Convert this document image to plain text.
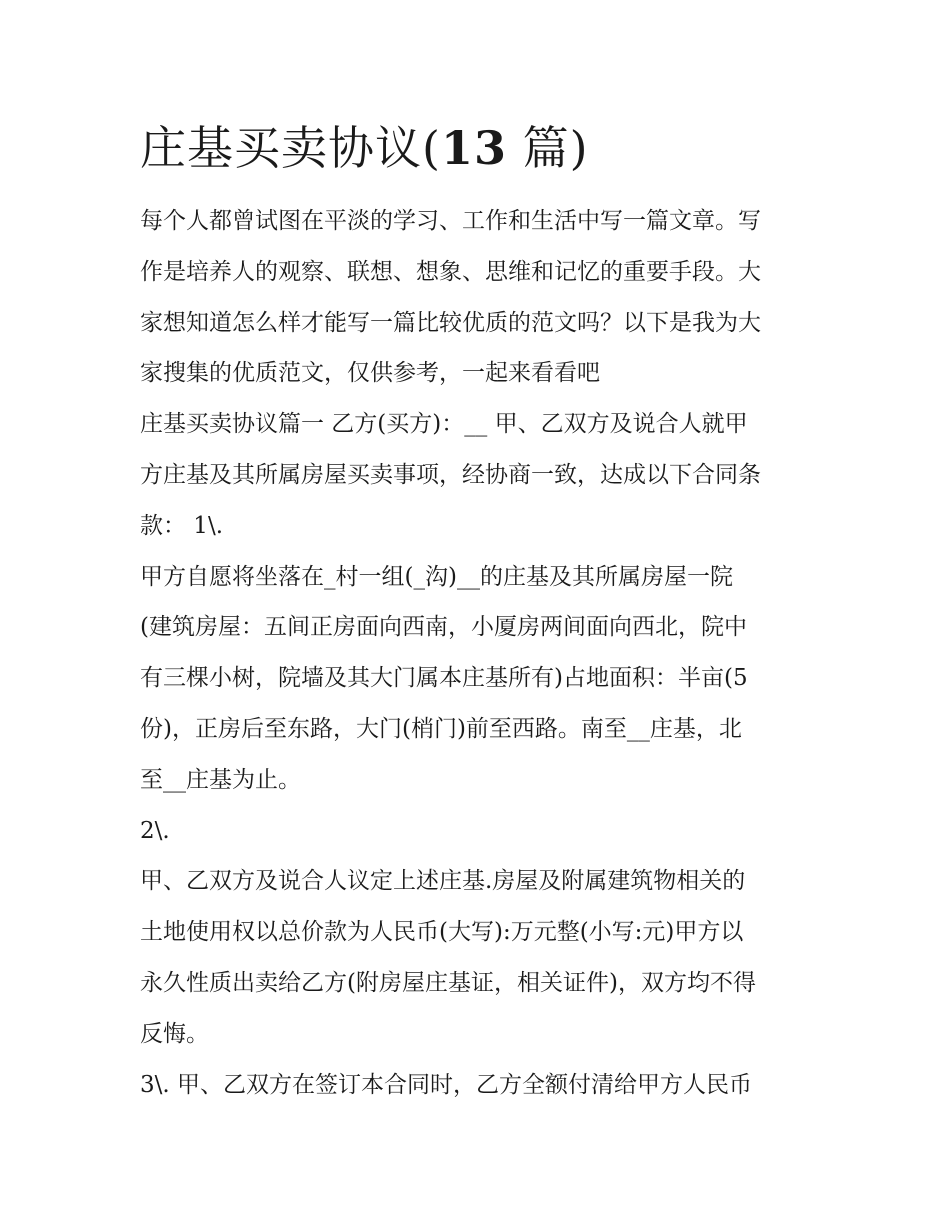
庄基买卖协议(13 篇)

每个人都曾试图在平淡的学习、工作和生活中写一篇文章。写
作是培养人的观察、联想、想象、思维和记忆的重要手段。大
家想知道怎么样才能写一篇比较优质的范文吗？以下是我为大
家搜集的优质范文，仅供参考，一起来看看吧

庄基买卖协议篇一 乙方(买方)：__ 甲、乙双方及说合人就甲
方庄基及其所属房屋买卖事项，经协商一致，达成以下合同条
款： 1\.

甲方自愿将坐落在_村一组(_沟)__的庄基及其所属房屋一院
(建筑房屋：五间正房面向西南，小厦房两间面向西北，院中
有三棵小树，院墙及其大门属本庄基所有)占地面积：半亩(5
份)，正房后至东路，大门(梢门)前至西路。南至__庄基，北
至__庄基为止。

2\.

甲、乙双方及说合人议定上述庄基.房屋及附属建筑物相关的
土地使用权以总价款为人民币(大写):万元整(小写:元)甲方以
永久性质出卖给乙方(附房屋庄基证，相关证件)，双方均不得
反悔。

3\. 甲、乙双方在签订本合同时，乙方全额付清给甲方人民币
